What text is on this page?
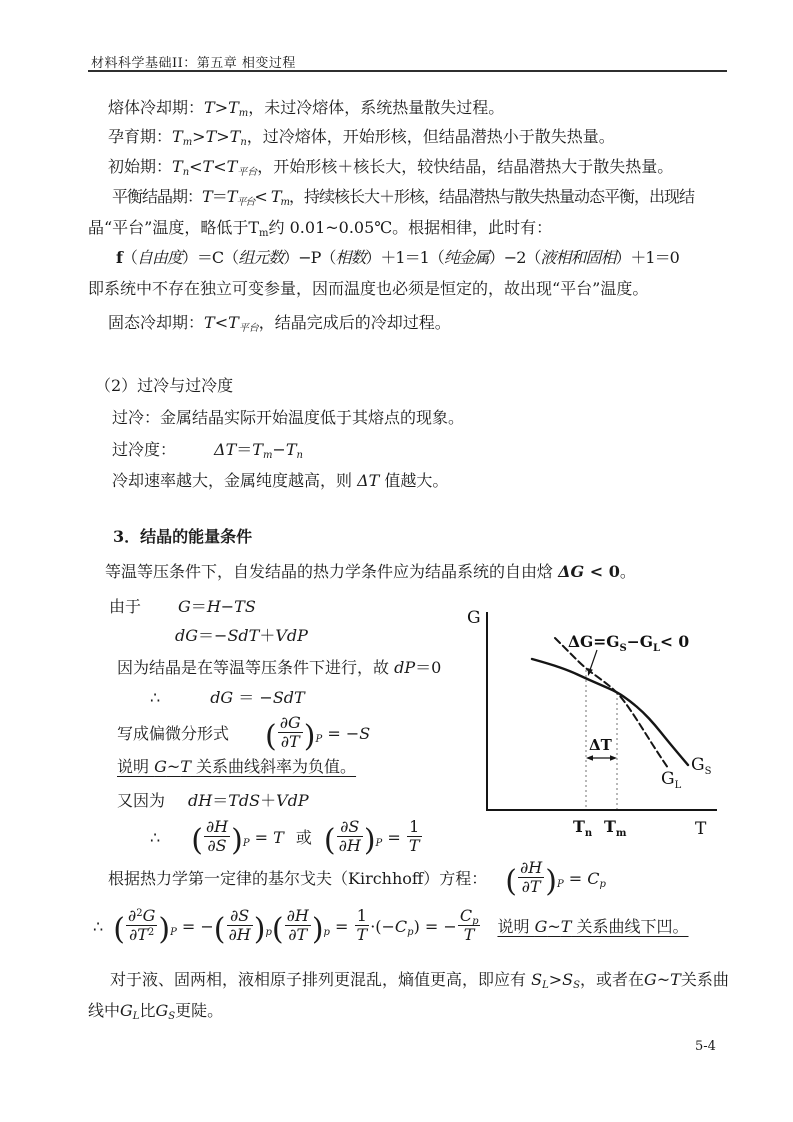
材料科学基础II：第五章 相变过程
熔体冷却期：$T>T_m$，未过冷熔体，系统热量散失过程。
孕育期：$T_m>T>T_n$，过冷熔体，开始形核，但结晶潜热小于散失热量。
初始期：$T_n<T<T_{平台}$，开始形核＋核长大，较快结晶，结晶潜热大于散失热量。
平衡结晶期：$T=T_{平台}< T_m$，持续核长大＋形核，结晶潜热与散失热量动态平衡，出现结
晶“平台”温度，略低于$T_m$约 0.01~0.05℃。根据相律，此时有：
f（自由度）＝C（组元数）−P（相数）＋1＝1（纯金属）−2（液相和固相）＋1＝0
即系统中不存在独立可变参量，因而温度也必须是恒定的，故出现“平台”温度。
固态冷却期：$T<T_{平台}$，结晶完成后的冷却过程。
（2）过冷与过冷度
过冷：金属结晶实际开始温度低于其熔点的现象。
过冷度： $\Delta T=T_m-T_n$
冷却速率越大，金属纯度越高，则 ΔT 值越大。
3．结晶的能量条件
等温等压条件下，自发结晶的热力学条件应为结晶系统的自由焓 ΔG < 0。
由于 G＝H−TS
dG＝−SdT＋VdP
因为结晶是在等温等压条件下进行，故 dP＝0
∴	dG ＝ −SdT
写成偏微分形式 ( $\frac{\partial G}{\partial T} )_P = -S$
说明 G~T 关系曲线斜率为负值。
又因为 dH＝TdS＋VdP
∴ ( $\frac{\partial H}{\partial S} )_P = T$ 或 ( $\frac{\partial S}{\partial H} )_P = \frac{1}{T}$
根据热力学第一定律的基尔戈夫（Kirchhoff）方程： ( $\frac{\partial H}{\partial T} )_P = C_p$
∴ ( $\frac{\partial^2G}{\partial T^2} )_P$ = −( $\frac{\partial S}{\partial H} )_p( \frac{\partial H}{\partial T} )_p = \frac{1}{T} \cdot(-C_p)$ = − $\frac{C_p}{T}$ 说明 G~T 关系曲线下凹。
对于液、固两相，液相原子排列更混乱，熵值更高，即应有 $S_L>S_S$，或者在G~T关系曲
线中$G_L$比$G_S$更陡。
G
T
$T_n$ $T_m$
ΔT
$\Delta G=G_S-G_L< 0$
$G_L$
$G_S$
5-4
